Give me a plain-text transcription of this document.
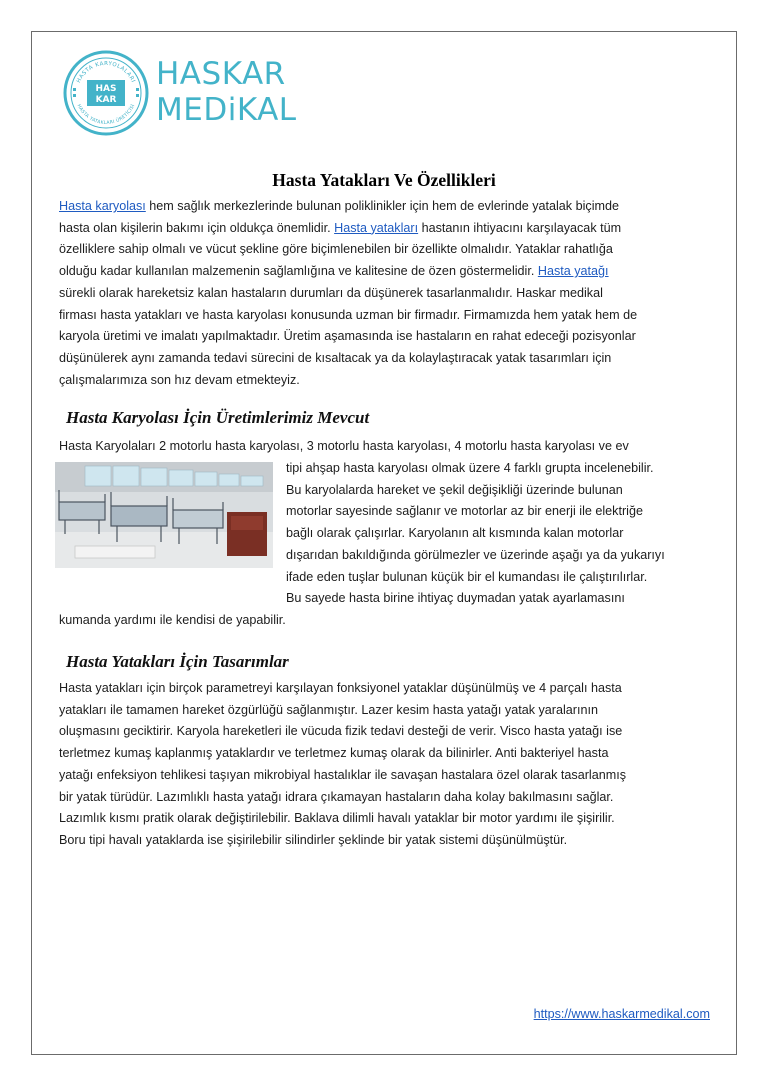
HASTA KARYOLALARI
HASTA YATAKLARI ÜRETİCİSİ
HAS
KAR
HASKAR
MEDiKAL
Hasta Yatakları Ve Özellikleri
Hasta karyolası hem sağlık merkezlerinde bulunan poliklinikler için hem de evlerinde yatalak biçimde
hasta olan kişilerin bakımı için oldukça önemlidir. Hasta yatakları hastanın ihtiyacını karşılayacak tüm
özelliklere sahip olmalı ve vücut şekline göre biçimlenebilen bir özellikte olmalıdır. Yataklar rahatlığa
olduğu kadar kullanılan malzemenin sağlamlığına ve kalitesine de özen göstermelidir. Hasta yatağı
sürekli olarak hareketsiz kalan hastaların durumları da düşünerek tasarlanmalıdır. Haskar medikal
firması hasta yatakları ve hasta karyolası konusunda uzman bir firmadır. Firmamızda hem yatak hem de
karyola üretimi ve imalatı yapılmaktadır. Üretim aşamasında ise hastaların en rahat edeceği pozisyonlar
düşünülerek aynı zamanda tedavi sürecini de kısaltacak ya da kolaylaştıracak yatak tasarımları için
çalışmalarımıza son hız devam etmekteyiz.
Hasta Karyolası İçin Üretimlerimiz Mevcut
Hasta Karyolaları 2 motorlu hasta karyolası, 3 motorlu hasta karyolası, 4 motorlu hasta karyolası ve ev
tipi ahşap hasta karyolası olmak üzere 4 farklı grupta incelenebilir.
Bu karyolalarda hareket ve şekil değişikliği üzerinde bulunan
motorlar sayesinde sağlanır ve motorlar az bir enerji ile elektriğe
bağlı olarak çalışırlar. Karyolanın alt kısmında kalan motorlar
dışarıdan bakıldığında görülmezler ve üzerinde aşağı ya da yukarıyı
ifade eden tuşlar bulunan küçük bir el kumandası ile çalıştırılırlar.
Bu sayede hasta birine ihtiyaç duymadan yatak ayarlamasını
kumanda yardımı ile kendisi de yapabilir.
Hasta Yatakları İçin Tasarımlar
Hasta yatakları için birçok parametreyi karşılayan fonksiyonel yataklar düşünülmüş ve 4 parçalı hasta
yatakları ile tamamen hareket özgürlüğü sağlanmıştır. Lazer kesim hasta yatağı yatak yaralarının
oluşmasını geciktirir. Karyola hareketleri ile vücuda fizik tedavi desteği de verir. Visco hasta yatağı ise
terletmez kumaş kaplanmış yataklardır ve terletmez kumaş olarak da bilinirler. Anti bakteriyel hasta
yatağı enfeksiyon tehlikesi taşıyan mikrobiyal hastalıklar ile savaşan hastalara özel olarak tasarlanmış
bir yatak türüdür. Lazımlıklı hasta yatağı idrara çıkamayan hastaların daha kolay bakılmasını sağlar.
Lazımlık kısmı pratik olarak değiştirilebilir. Baklava dilimli havalı yataklar bir motor yardımı ile şişirilir.
Boru tipi havalı yataklarda ise şişirilebilir silindirler şeklinde bir yatak sistemi düşünülmüştür.
https://www.haskarmedikal.com
